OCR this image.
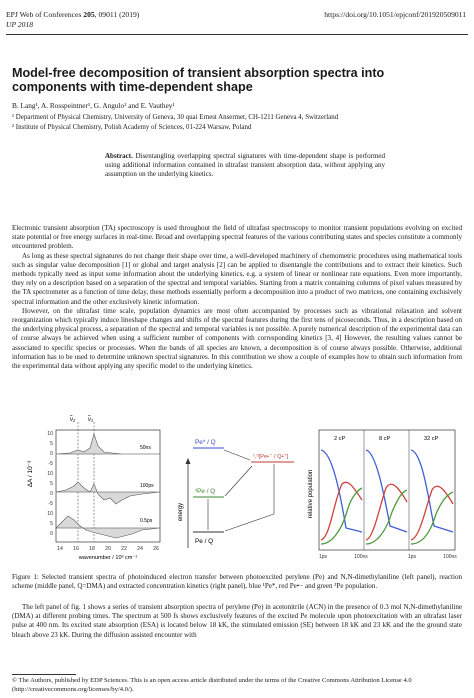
EPJ Web of Conferences 205, 09011 (2019)
UP 2018
https://doi.org/10.1051/epjconf/201920509011
Model-free decomposition of transient absorption spectra into components with time-dependent shape
B. Lang¹, A. Rosspeintner¹, G. Angulo² and E. Vauthey¹
¹ Department of Physical Chemistry, University of Geneva, 30 quai Ernest Ansermet, CH-1211 Geneva 4, Switzerland
² Institute of Physical Chemistry, Polish Academy of Sciences, 01-224 Warsaw, Poland
Abstract. Disentangling overlapping spectral signatures with time-dependent shape is performed using additional information contained in ultrafast transient absorption data, without applying any assumption on the underlying kinetics.

Electronic transient absorption (TA) spectroscopy is used throughout the field of ultrafast spectroscopy to monitor transient populations evolving on excited state potential or free energy surfaces in real-time. Broad and overlapping spectral features of the various contributing states and species constitute a commonly encountered problem.

As long as these spectral signatures do not change their shape over time, a well-developed machinery of chemometric procedures using mathematical tools such as singular value decomposition [1] or global and target analysis [2] can be applied to disentangle the contributions and to extract their kinetics. Such methods typically need as input some information about the underlying kinetics, e.g. a system of linear or nonlinear rate equations. Even more importantly, they rely on a description based on a separation of the spectral and temporal variables. Starting from a matrix containing columns of pixel values measured by the TA spectrometer as a function of time delay, these methods essentially perform a decomposition into a product of two matrices, one containing exclusively spectral information and the other exclusively kinetic information.

However, on the ultrafast time scale, population dynamics are most often accompanied by processes such as vibrational relaxation and solvent reorganization which typically induce lineshape changes and shifts of the spectral features during the first tens of picoseconds. Thus, in a description based on the underlying physical process, a separation of the spectral and temporal variables is not possible. A purely numerical description of the experimental data can of course always be achieved when using a sufficient number of components with corresponding kinetics [3, 4] However, the resulting values cannot be associated to specific species or processes. When the bands of all species are known, a decomposition is of course always possible. Otherwise, additional information has to be used to determine unknown spectral signatures. In this contribution we show a couple of examples how to obtain such information from the experimental data without applying any specific model to the underlying kinetics.

ΔA / 10⁻³
10
5
0
-5
10
5
0
-5
10
5
0
ν̃₂ ν̃₁
50ns
100ps
0.5ps
14 16 18 20 22 24 26
wavenumber / 10³ cm⁻¹
energy
Pe* / Q
¹,³[Pe•⁻ / Q•⁺]
³Pe / Q
Pe / Q
relative population
2 cP	8 cP	32 cP
1ps	100ns	1ps	100ns
Figure 1: Selected transient spectra of photoinduced electron transfer between photoexcited perylene (Pe) and N,N-dimethylaniline (left panel), reaction scheme (middle panel, Q=DMA) and extracted concentration kinetics (right panel), blue ¹Pe*, red Pe•− and green ³Pe population.

The left panel of fig. 1 shows a series of transient absorption spectra of perylene (Pe) in acetonitrile (ACN) in the presence of 0.3 mol N,N-dimethylaniline (DMA) at different probing times. The spectrum at 500 fs shows exclusively features of the excited Pe molecule upon photoexcitation with an ultrafast laser pulse at 400 nm. Its excited state absorption (ESA) is located below 18 kK, the stimulated emission (SE) between 18 kK and 23 kK and the the ground state bleach above 23 kK. During the diffusion assisted encounter with

© The Authors, published by EDP Sciences. This is an open access article distributed under the terms of the Creative Commons Attribution License 4.0 (http://creativecommons.org/licenses/by/4.0/).
